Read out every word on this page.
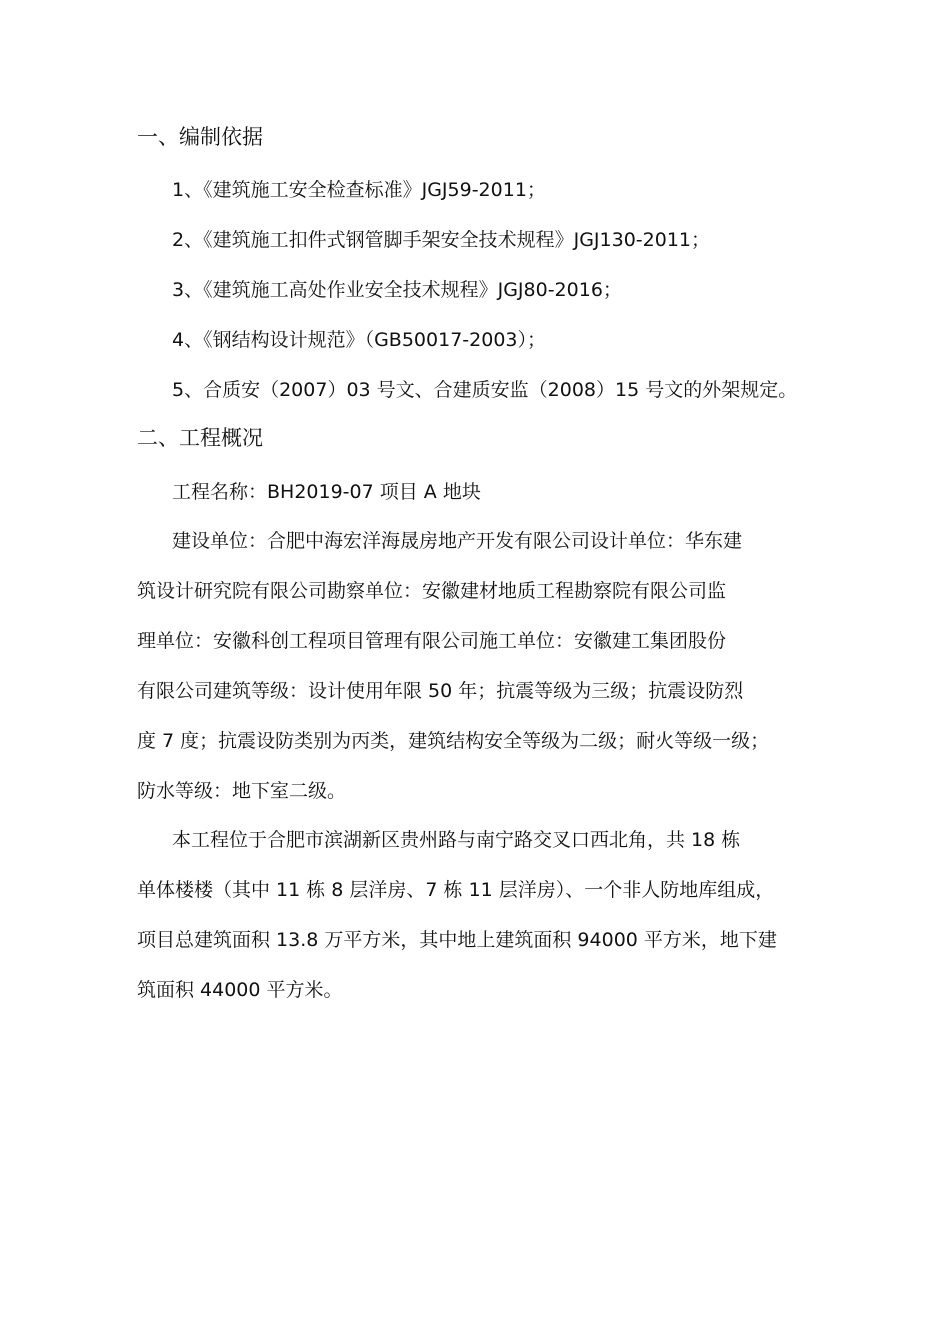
一、编制依据
1、《建筑施工安全检查标准》JGJ59-2011；
2、《建筑施工扣件式钢管脚手架安全技术规程》JGJ130-2011；
3、《建筑施工高处作业安全技术规程》JGJ80-2016；
4、《钢结构设计规范》（GB50017-2003）；
5、合质安（2007）03 号文、合建质安监（2008）15 号文的外架规定。
二、工程概况
工程名称：BH2019-07 项目 A 地块
建设单位：合肥中海宏洋海晟房地产开发有限公司设计单位：华东建
筑设计研究院有限公司勘察单位：安徽建材地质工程勘察院有限公司监
理单位：安徽科创工程项目管理有限公司施工单位：安徽建工集团股份
有限公司建筑等级：设计使用年限 50 年；抗震等级为三级；抗震设防烈
度 7 度；抗震设防类别为丙类，建筑结构安全等级为二级；耐火等级一级；
防水等级：地下室二级。
本工程位于合肥市滨湖新区贵州路与南宁路交叉口西北角，共 18 栋
单体楼楼（其中 11 栋 8 层洋房、7 栋 11 层洋房）、一个非人防地库组成，
项目总建筑面积 13.8 万平方米，其中地上建筑面积 94000 平方米，地下建
筑面积 44000 平方米。
